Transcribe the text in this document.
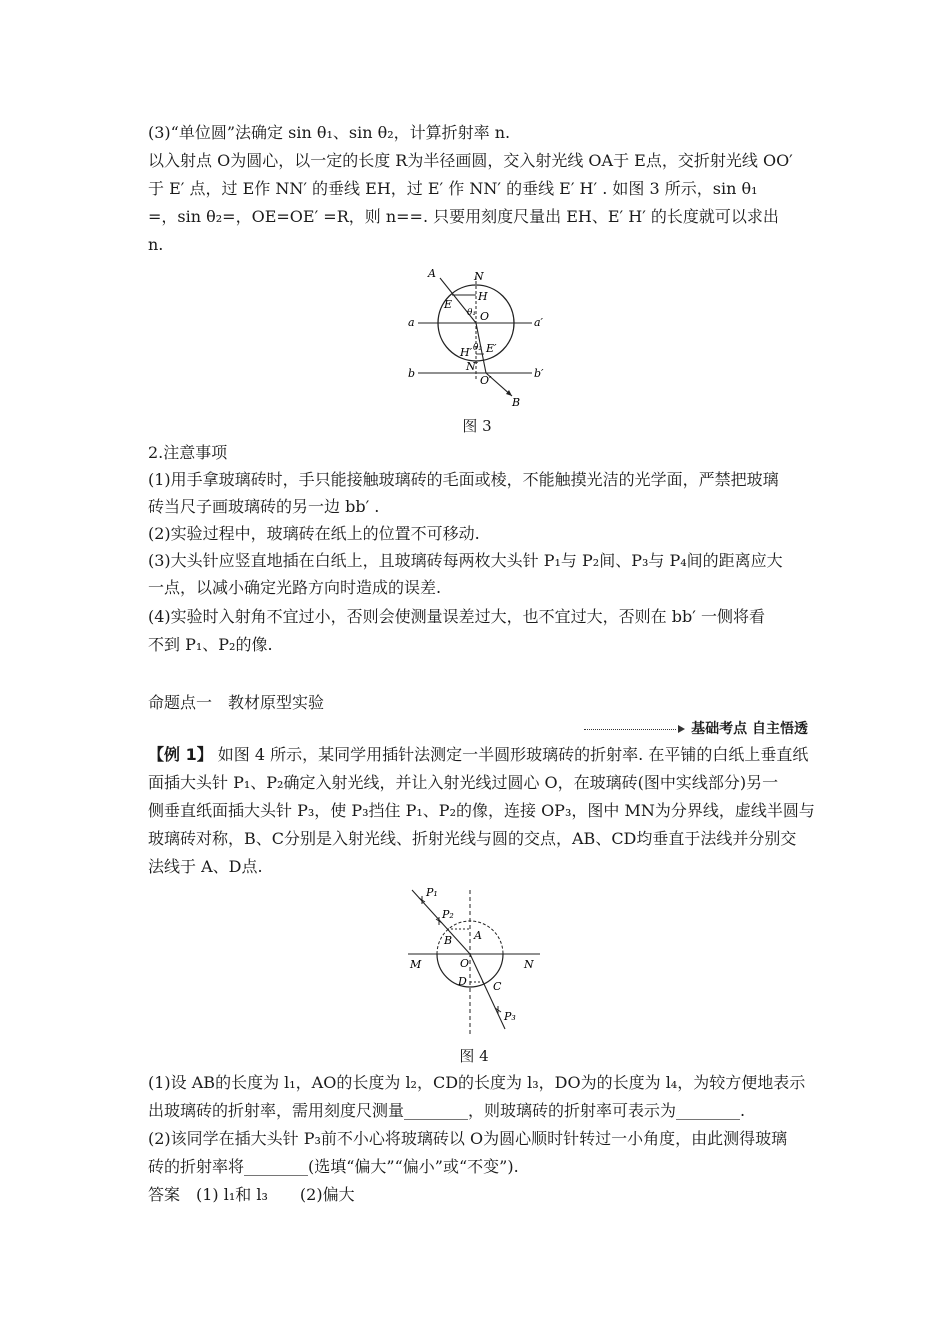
(3)“单位圆”法确定 sin θ₁、sin θ₂，计算折射率 n.
以入射点 O为圆心，以一定的长度 R为半径画圆，交入射光线 OA于 E点，交折射光线 OO′
于 E′ 点，过 E作 NN′ 的垂线 EH，过 E′ 作 NN′ 的垂线 E′ H′ . 如图 3 所示，sin θ₁
=，sin θ₂=，OE=OE′ =R，则 n==. 只要用刻度尺量出 EH、E′ H′ 的长度就可以求出
n.
A	N
E
H
θ₁ O
a	a′
H′ θ₂ E′
N′
b	b′
O′
B
图 3
2.注意事项
(1)用手拿玻璃砖时，手只能接触玻璃砖的毛面或棱，不能触摸光洁的光学面，严禁把玻璃
砖当尺子画玻璃砖的另一边 bb′ .
(2)实验过程中，玻璃砖在纸上的位置不可移动.
(3)大头针应竖直地插在白纸上，且玻璃砖每两枚大头针 P₁与 P₂间、P₃与 P₄间的距离应大
一点，以减小确定光路方向时造成的误差.
(4)实验时入射角不宜过小，否则会使测量误差过大，也不宜过大，否则在 bb′ 一侧将看
不到 P₁、P₂的像.
命题点一　教材原型实验
基础考点 自主悟透
【例 1】 如图 4 所示，某同学用插针法测定一半圆形玻璃砖的折射率. 在平铺的白纸上垂直纸
面插大头针 P₁、P₂确定入射光线，并让入射光线过圆心 O，在玻璃砖(图中实线部分)另一
侧垂直纸面插大头针 P₃，使 P₃挡住 P₁、P₂的像，连接 OP₃，图中 MN为分界线，虚线半圆与
玻璃砖对称，B、C分别是入射光线、折射光线与圆的交点，AB、CD均垂直于法线并分别交
法线于 A、D点.
P₁
P₂
A
B
M	O	N
D C
P₃
图 4
(1)设 AB的长度为 l₁，AO的长度为 l₂，CD的长度为 l₃，DO为的长度为 l₄，为较方便地表示
出玻璃砖的折射率，需用刻度尺测量________，则玻璃砖的折射率可表示为________.
(2)该同学在插大头针 P₃前不小心将玻璃砖以 O为圆心顺时针转过一小角度，由此测得玻璃
砖的折射率将________(选填“偏大”“偏小”或“不变”).
答案　(1) l₁和 l₃　　(2)偏大
